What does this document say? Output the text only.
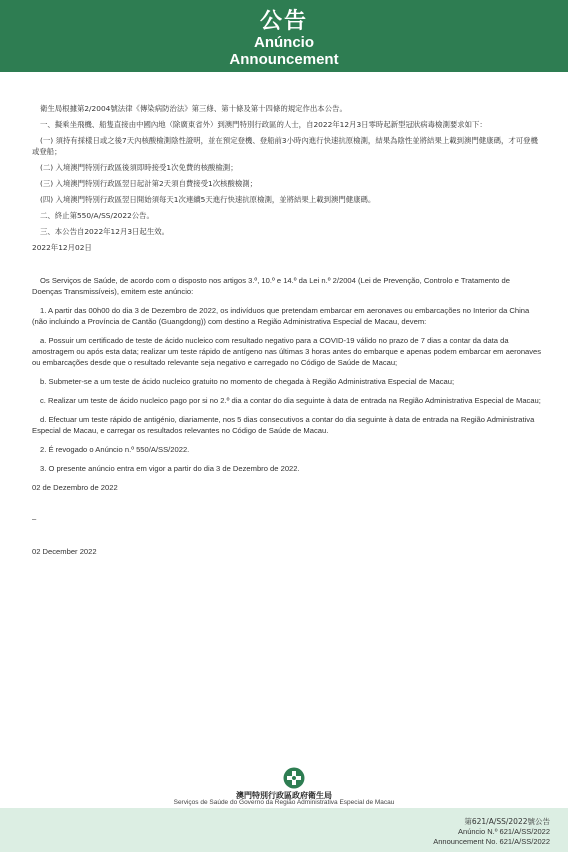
公告
Anúncio
Announcement

衛生局根據第2/2004號法律《傳染病防治法》第三條、第十條及第十四條的規定作出本公告。

一、擬乘坐飛機、船隻直接由中國內地（除廣東省外）到澳門特別行政區的人士，自2022年12月3日零時起新型冠狀病毒檢測要求如下：

(一) 須持有採樣日或之後7天內核酸檢測陰性證明，並在預定登機、登船前3小時內進行快速抗原檢測，結果為陰性並將結果上載到澳門健康碼，才可登機或登船；

(二) 入境澳門特別行政區後須即時接受1次免費的核酸檢測；

(三) 入境澳門特別行政區翌日起計第2天須自費接受1次核酸檢測；

(四) 入境澳門特別行政區翌日開始須每天1次連續5天進行快速抗原檢測，並將結果上載到澳門健康碼。

二、終止第550/A/SS/2022公告。

三、本公告自2022年12月3日起生效。

2022年12月02日

Os Serviços de Saúde, de acordo com o disposto nos artigos 3.º, 10.º e 14.º da Lei n.º 2/2004 (Lei de Prevenção, Controlo e Tratamento de Doenças Transmissíveis), emitem este anúncio:

1. A partir das 00h00 do dia 3 de Dezembro de 2022, os indivíduos que pretendam embarcar em aeronaves ou embarcações no Interior da China (não incluindo a Província de Cantão (Guangdong)) com destino a Região Administrativa Especial de Macau, devem:

a. Possuir um certificado de teste de ácido nucleico com resultado negativo para a COVID-19 válido no prazo de 7 dias a contar da data da amostragem ou após esta data; realizar um teste rápido de antígeno nas últimas 3 horas antes do embarque e apenas podem embarcar em aeronaves ou embarcações desde que o resultado relevante seja negativo e carregado no Código de Saúde de Macau;

b. Submeter-se a um teste de ácido nucleico gratuito no momento de chegada à Região Administrativa Especial de Macau;

c. Realizar um teste de ácido nucleico pago por si no 2.º dia a contar do dia seguinte à data de entrada na Região Administrativa Especial de Macau;

d. Efectuar um teste rápido de antigénio, diariamente, nos 5 dias consecutivos a contar do dia seguinte à data de entrada na Região Administrativa Especial de Macau, e carregar os resultados relevantes no Código de Saúde de Macau.

2. É revogado o Anúncio n.º 550/A/SS/2022.

3. O presente anúncio entra em vigor a partir do dia 3 de Dezembro de 2022.

02 de Dezembro de 2022

–

02 December 2022

澳門特別行政區政府衛生局
Serviços de Saúde do Governo da Região Administrativa Especial de Macau
第621/A/SS/2022號公告
Anúncio N.º 621/A/SS/2022
Announcement No. 621/A/SS/2022
